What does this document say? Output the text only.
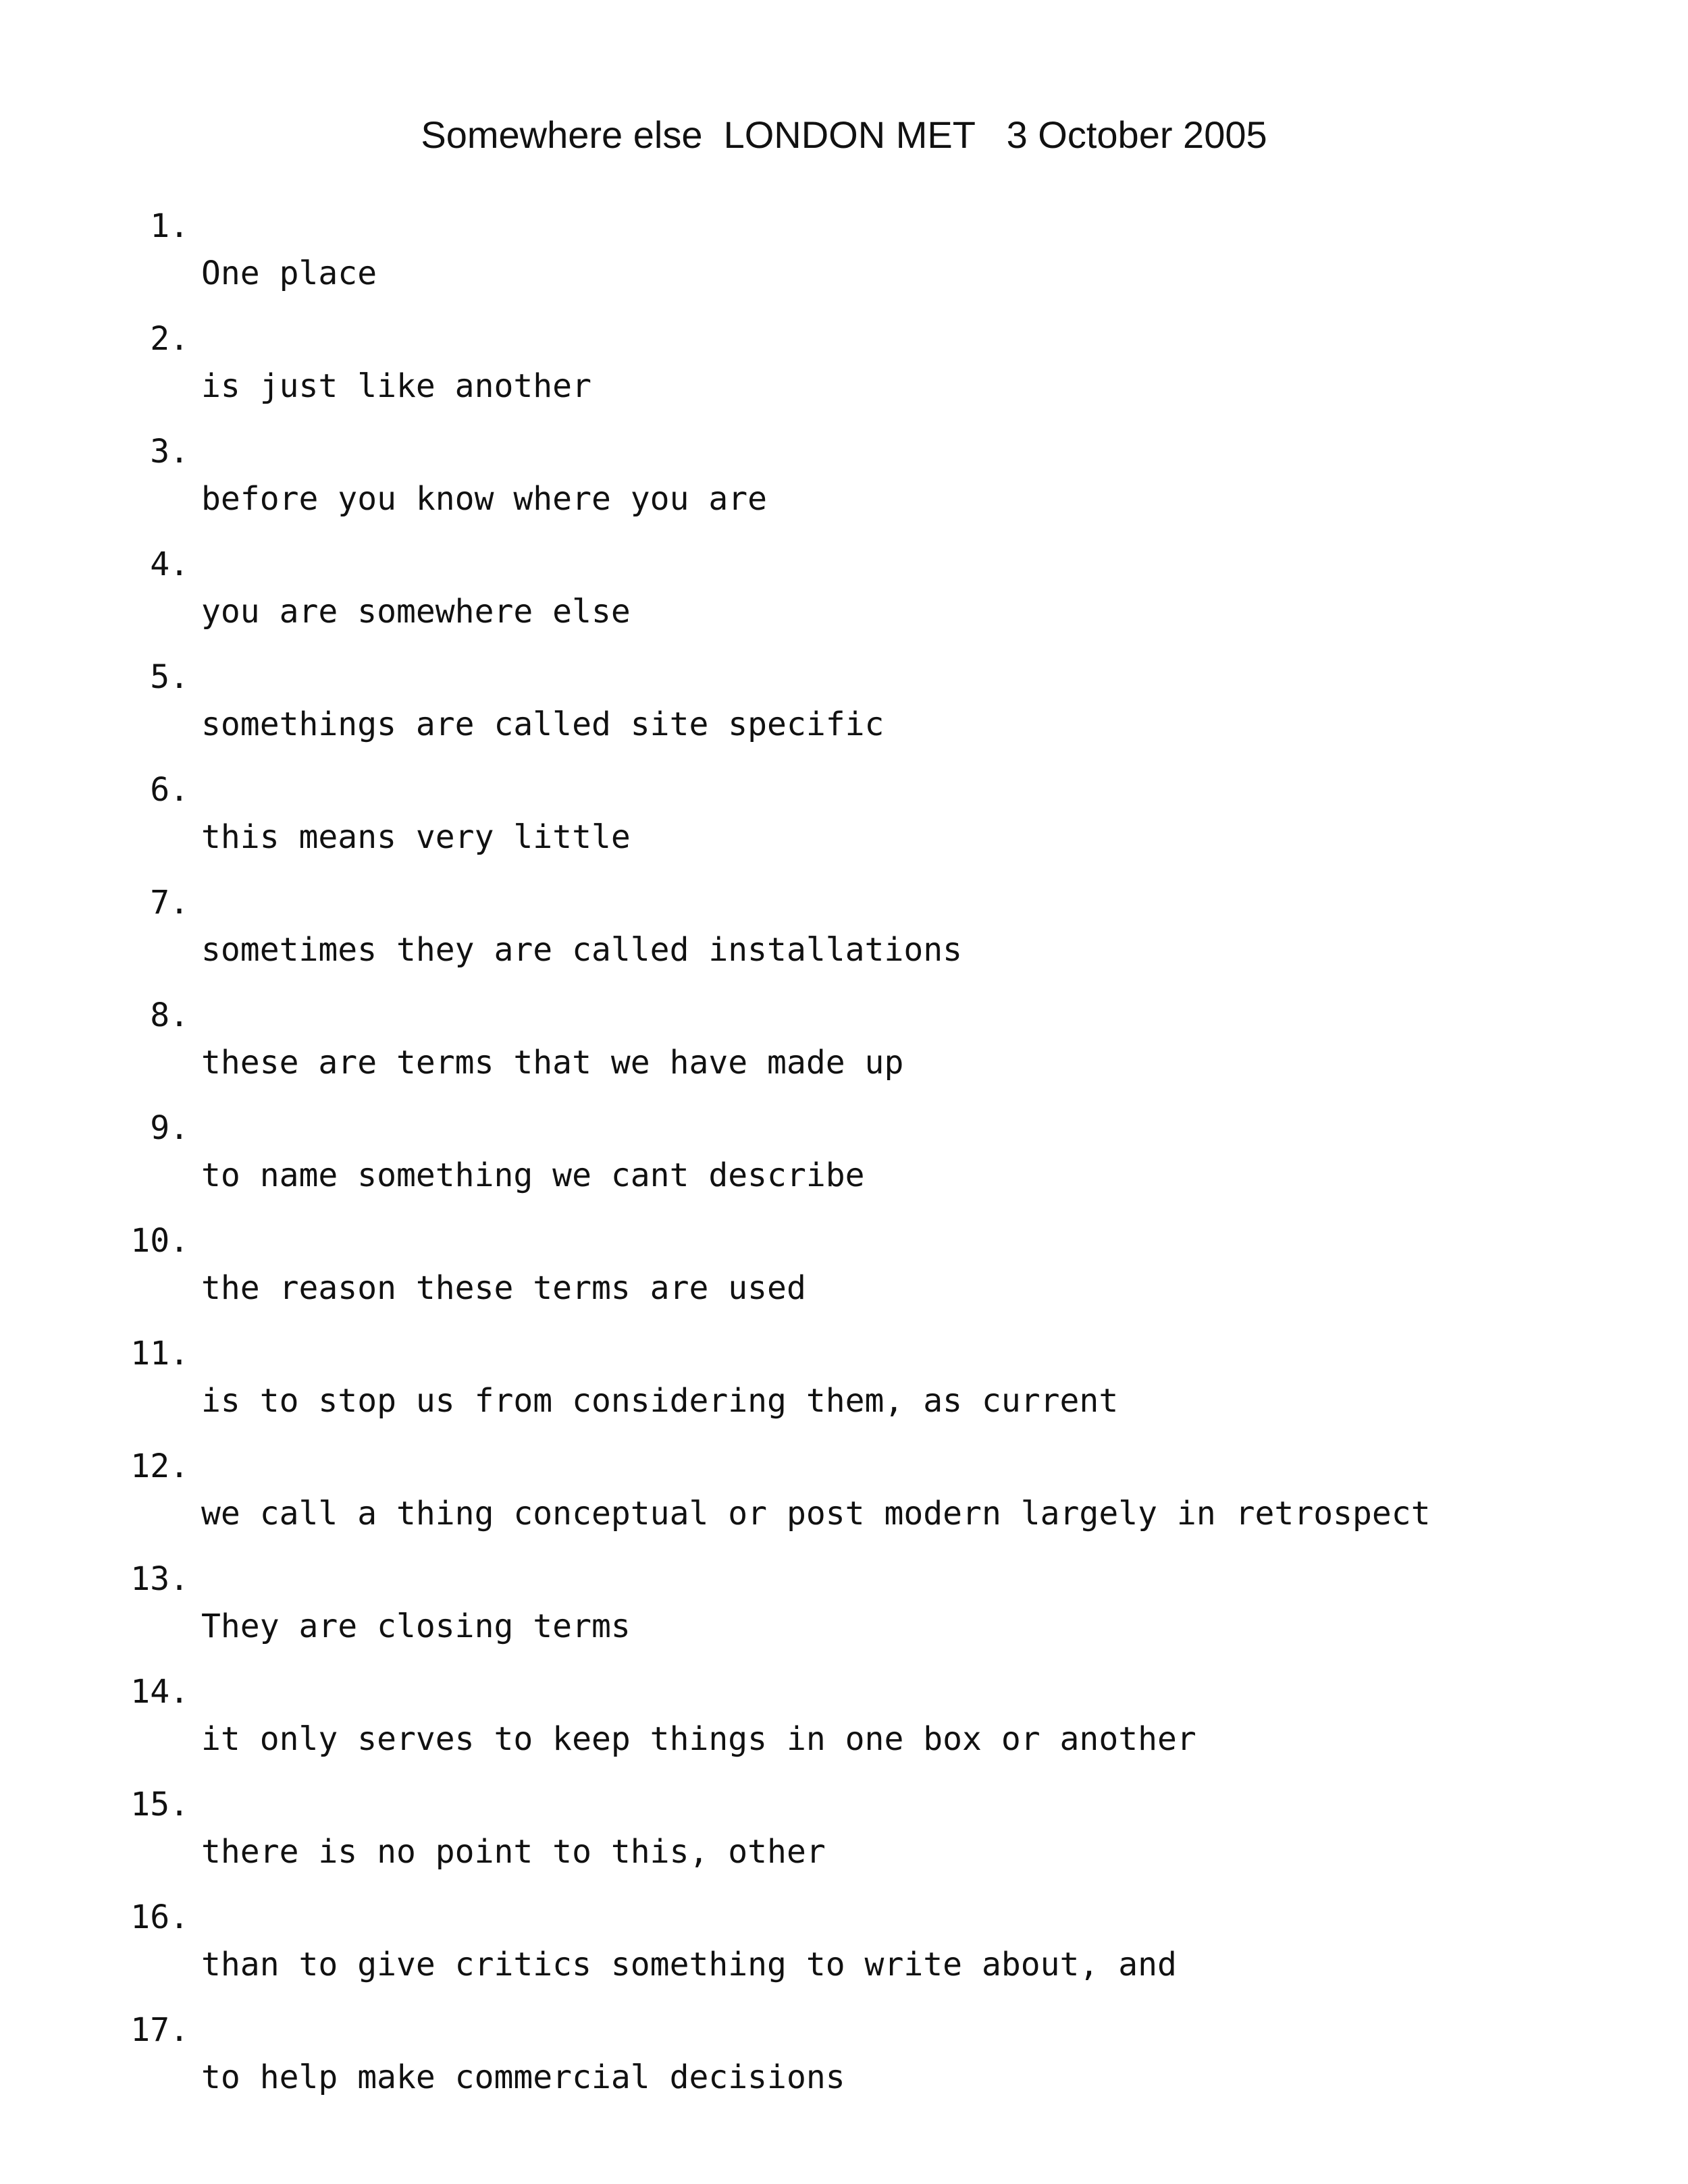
Somewhere else  LONDON MET   3 October 2005

1.

One place

2.

is just like another

3.

before you know where you are

4.

you are somewhere else

5.

somethings are called site specific

6.

this means very little

7.

sometimes they are called installations

8.

these are terms that we have made up

9.

to name something we cant describe

10.

the reason these terms are used

11.

is to stop us from considering them, as current

12.

we call a thing conceptual or post modern largely in retrospect

13.

They are closing terms

14.

it only serves to keep things in one box or another

15.

there is no point to this, other

16.

than to give critics something to write about, and

17.

to help make commercial decisions
